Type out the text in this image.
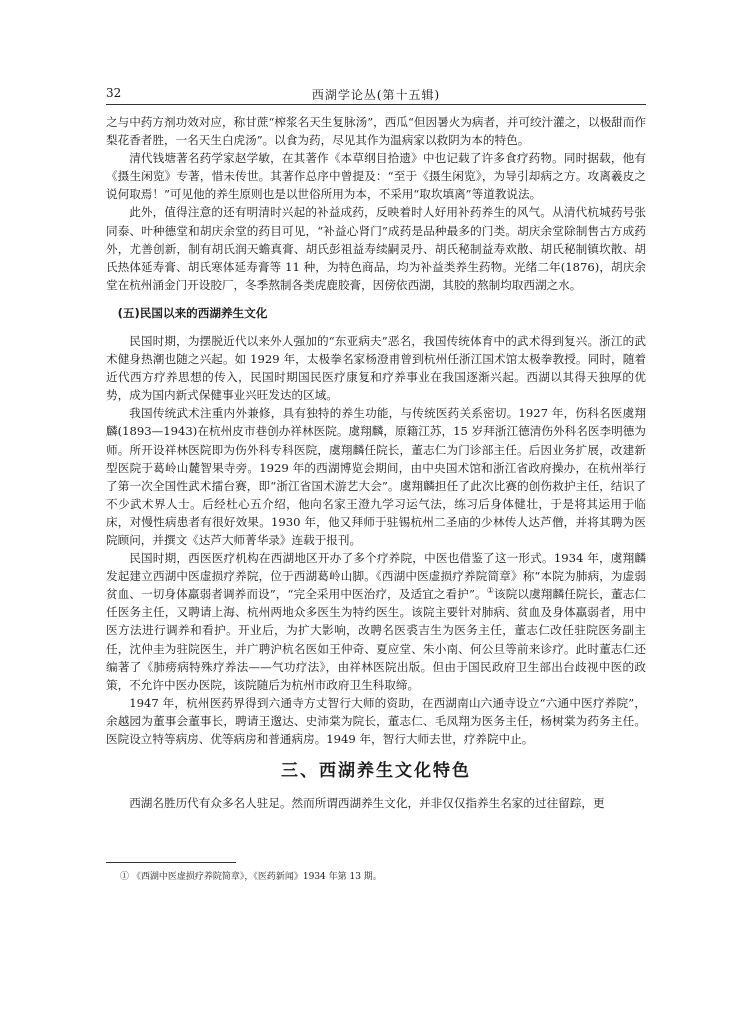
32	西湖学论丛(第十五辑)

之与中药方剂功效对应，称甘蔗“榨浆名天生复脉汤”，西瓜“但因暑火为病者，并可绞汁灌之，以极甜而作梨花香者胜，一名天生白虎汤”。以食为药，尽见其作为温病家以救阴为本的特色。

清代钱塘著名药学家赵学敏，在其著作《本草纲目拾遗》中也记载了许多食疗药物。同时据载，他有《摄生闲览》专著，惜未传世。其著作总序中曾提及：“至于《摄生闲览》，为导引却病之方。攻离羲皮之说何取焉！”可见他的养生原则也是以世俗所用为本，不采用“取坎填离”等道教说法。

此外，值得注意的还有明清时兴起的补益成药，反映着时人好用补药养生的风气。从清代杭城药号张同泰、叶种德堂和胡庆余堂的药目可见，“补益心肾门”成药是品种最多的门类。胡庆余堂除制售古方成药外，尤善创新，制有胡氏润天蟾真膏、胡氏彭祖益寿续嗣灵丹、胡氏秘制益寿欢散、胡氏秘制镇坎散、胡氏热体延寿膏、胡氏寒体延寿膏等 11 种，为特色商品，均为补益类养生药物。光绪二年(1876)，胡庆余堂在杭州涌金门开设胶厂，冬季熬制各类虎鹿胶膏，因傍依西湖，其胶的熬制均取西湖之水。

(五)民国以来的西湖养生文化

民国时期，为摆脱近代以来外人强加的“东亚病夫”恶名，我国传统体育中的武术得到复兴。浙江的武术健身热潮也随之兴起。如 1929 年，太极拳名家杨澄甫曾到杭州任浙江国术馆太极拳教授。同时，随着近代西方疗养思想的传入，民国时期国民医疗康复和疗养事业在我国逐渐兴起。西湖以其得天独厚的优势，成为国内新式保健事业兴旺发达的区域。

我国传统武术注重内外兼修，具有独特的养生功能，与传统医药关系密切。1927 年，伤科名医虞翔麟(1893—1943)在杭州皮市巷创办祥林医院。虞翔麟，原籍江苏，15 岁拜浙江德清伤外科名医李明德为师。所开设祥林医院即为伤外科专科医院，虞翔麟任院长，董志仁为门诊部主任。后因业务扩展，改建新型医院于葛岭山麓智果寺旁。1929 年的西湖博览会期间，由中央国术馆和浙江省政府操办，在杭州举行了第一次全国性武术擂台赛，即“浙江省国术游艺大会”。虞翔麟担任了此次比赛的创伤救护主任，结识了不少武术界人士。后经杜心五介绍，他向名家王澄九学习运气法，练习后身体健壮，于是将其运用于临床，对慢性病患者有很好效果。1930 年，他又拜师于驻锡杭州二圣庙的少林传人达芦僧，并将其聘为医院顾问，并撰文《达芦大师菁华录》连载于报刊。

民国时期，西医医疗机构在西湖地区开办了多个疗养院，中医也借鉴了这一形式。1934 年，虞翔麟发起建立西湖中医虚损疗养院，位于西湖葛岭山脚。《西湖中医虚损疗养院简章》称“本院为肺病，为虚弱贫血、一切身体羸弱者调养而设”，“完全采用中医治疗，及适宜之看护”。①该院以虞翔麟任院长，董志仁任医务主任，又聘请上海、杭州两地众多医生为特约医生。该院主要针对肺病、贫血及身体羸弱者，用中医方法进行调养和看护。开业后，为扩大影响，改聘名医裘吉生为医务主任，董志仁改任驻院医务副主任，沈仲圭为驻院医生，并广聘沪杭名医如王仲奇、夏应堂、朱小南、何公旦等前来诊疗。此时董志仁还编著了《肺痨病特殊疗养法——气功疗法》，由祥林医院出版。但由于国民政府卫生部出台歧视中医的政策，不允许中医办医院，该院随后为杭州市政府卫生科取缔。

1947 年，杭州医药界得到六通寺方丈智行大师的资助，在西湖南山六通寺设立“六通中医疗养院”，余越园为董事会董事长，聘请王邈达、史沛棠为院长，董志仁、毛凤翔为医务主任，杨树棠为药务主任。医院设立特等病房、优等病房和普通病房。1949 年，智行大师去世，疗养院中止。

三、西湖养生文化特色

西湖名胜历代有众多名人驻足。然而所谓西湖养生文化，并非仅仅指养生名家的过往留踪，更

① 《西湖中医虚损疗养院简章》，《医药新闻》1934 年第 13 期。
